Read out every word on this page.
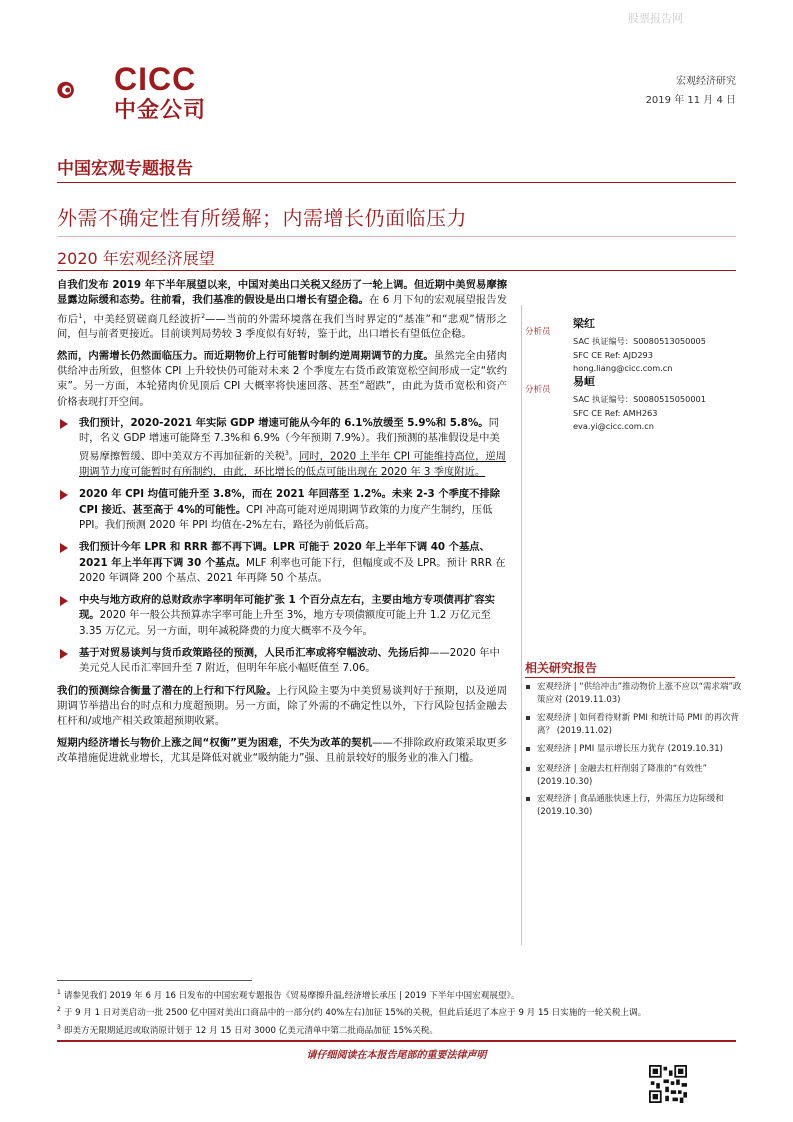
股票报告网
CICC
中金公司
宏观经济研究
2019 年 11 月 4 日
中国宏观专题报告
外需不确定性有所缓解；内需增长仍面临压力
2020 年宏观经济展望

自我们发布 2019 年下半年展望以来，中国对美出口关税又经历了一轮上调。但近期中美贸易摩擦显露边际缓和态势。往前看，我们基准的假设是出口增长有望企稳。在 6 月下旬的宏观展望报告发布后$^1$，中美经贸磋商几经波折$^2$——当前的外需环境落在我们当时界定的“基准”和“悲观”情形之间，但与前者更接近。目前谈判局势较 3 季度似有好转，鉴于此，出口增长有望低位企稳。

然而，内需增长仍然面临压力。而近期物价上行可能暂时制约逆周期调节的力度。虽然完全由猪肉供给冲击所致，但整体 CPI 上升较快仍可能对未来 2 个季度左右货币政策宽松空间形成一定“软约束”。另一方面，本轮猪肉价见顶后 CPI 大概率将快速回落、甚至“超跌”，由此为货币宽松和资产价格表现打开空间。

我们预计，2020-2021 年实际 GDP 增速可能从今年的 6.1%放缓至 5.9%和 5.8%。同时，名义 GDP 增速可能降至 7.3%和 6.9%（今年预期 7.9%）。我们预测的基准假设是中美贸易摩擦暂缓、即中美双方不再加征新的关税$^3$。同时，2020 上半年 CPI 可能维持高位，逆周期调节力度可能暂时有所制约，由此，环比增长的低点可能出现在 2020 年 3 季度附近。
2020 年 CPI 均值可能升至 3.8%，而在 2021 年回落至 1.2%。未来 2-3 个季度不排除 CPI 接近、甚至高于 4%的可能性。CPI 冲高可能对逆周期调节政策的力度产生制约，压低 PPI。我们预测 2020 年 PPI 均值在-2%左右，路径为前低后高。
我们预计今年 LPR 和 RRR 都不再下调。LPR 可能于 2020 年上半年下调 40 个基点、2021 年上半年再下调 30 个基点。MLF 利率也可能下行，但幅度或不及 LPR。预计 RRR 在 2020 年调降 200 个基点、2021 年再降 50 个基点。
中央与地方政府的总财政赤字率明年可能扩张 1 个百分点左右，主要由地方专项债再扩容实现。2020 年一般公共预算赤字率可能上升至 3%，地方专项债额度可能上升 1.2 万亿元至 3.35 万亿元。另一方面，明年减税降费的力度大概率不及今年。
基于对贸易谈判与货币政策路径的预测，人民币汇率或将窄幅波动、先扬后抑——2020 年中美元兑人民币汇率回升至 7 附近，但明年年底小幅贬值至 7.06。

我们的预测综合衡量了潜在的上行和下行风险。上行风险主要为中美贸易谈判好于预期，以及逆周期调节举措出台的时点和力度超预期。另一方面，除了外需的不确定性以外，下行风险包括金融去杠杆和/或地产相关政策超预期收紧。

短期内经济增长与物价上涨之间“权衡”更为困难，不失为改革的契机——不排除政府政策采取更多改革措施促进就业增长，尤其是降低对就业“吸纳能力”强、且前景较好的服务业的准入门槛。

分析员
梁红
SAC 执证编号：S0080513050005
SFC CE Ref: AJD293
hong.liang@cicc.com.cn
分析员
易峘
SAC 执证编号：S0080515050001
SFC CE Ref: AMH263
eva.yi@cicc.com.cn
相关研究报告
宏观经济 | “供给冲击”推动物价上涨不应以“需求端”政策应对 (2019.11.03)
宏观经济 | 如何看待财新 PMI 和统计局 PMI 的再次背离？ (2019.11.02)
宏观经济 | PMI 显示增长压力犹存 (2019.10.31)
宏观经济 | 金融去杠杆削弱了降准的“有效性” (2019.10.30)
宏观经济 | 食品通胀快速上行，外需压力边际缓和 (2019.10.30)
$^1$ 请参见我们 2019 年 6 月 16 日发布的中国宏观专题报告《贸易摩擦升温,经济增长承压 | 2019 下半年中国宏观展望》。
$^2$ 于 9 月 1 日对美启动一批 2500 亿中国对美出口商品中的一部分(约 40%左右)加征 15%的关税，但此后延迟了本应于 9 月 15 日实施的一轮关税上调。
$^3$ 即美方无限期延迟或取消原计划于 12 月 15 日对 3000 亿美元清单中第二批商品加征 15%关税。
请仔细阅读在本报告尾部的重要法律声明
